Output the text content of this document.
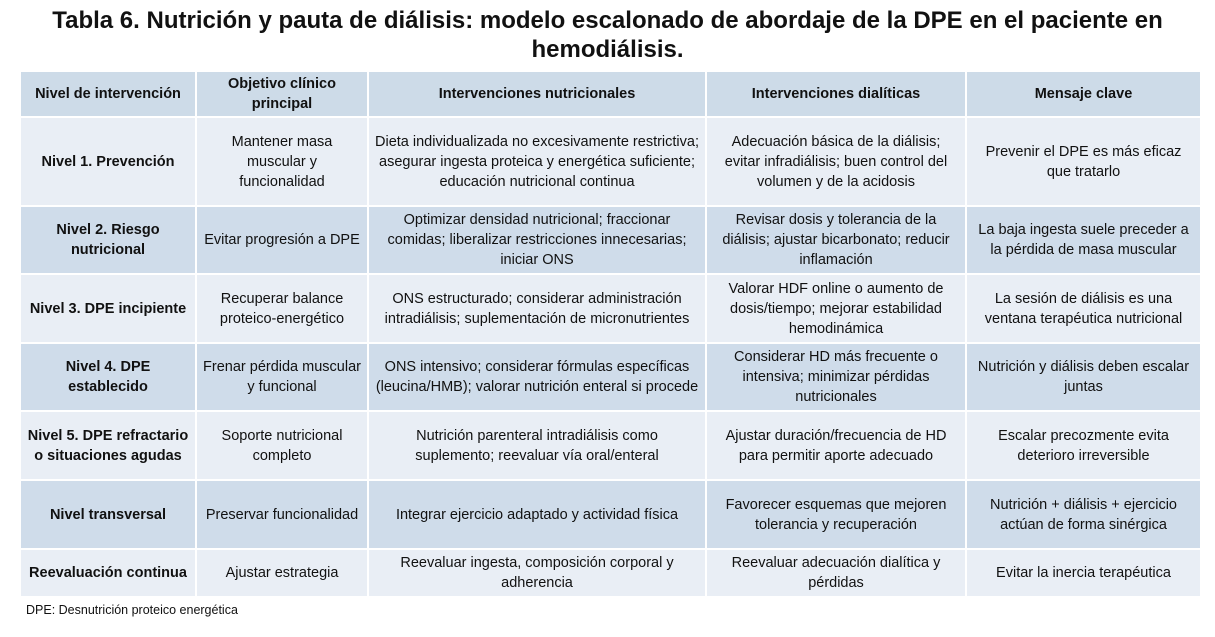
Tabla 6. Nutrición y pauta de diálisis: modelo escalonado de abordaje de la DPE en el paciente en hemodiálisis.
Nivel de intervención	Objetivo clínico principal	Intervenciones nutricionales	Intervenciones dialíticas	Mensaje clave
Nivel 1. Prevención	Mantener masa muscular y funcionalidad	Dieta individualizada no excesivamente restrictiva; asegurar ingesta proteica y energética suficiente; educación nutricional continua	Adecuación básica de la diálisis; evitar infradiálisis; buen control del volumen y de la acidosis	Prevenir el DPE es más eficaz que tratarlo
Nivel 2. Riesgo nutricional	Evitar progresión a DPE	Optimizar densidad nutricional; fraccionar comidas; liberalizar restricciones innecesarias; iniciar ONS	Revisar dosis y tolerancia de la diálisis; ajustar bicarbonato; reducir inflamación	La baja ingesta suele preceder a la pérdida de masa muscular
Nivel 3. DPE incipiente	Recuperar balance proteico-energético	ONS estructurado; considerar administración intradiálisis; suplementación de micronutrientes	Valorar HDF online o aumento de dosis/tiempo; mejorar estabilidad hemodinámica	La sesión de diálisis es una ventana terapéutica nutricional
Nivel 4. DPE establecido	Frenar pérdida muscular y funcional	ONS intensivo; considerar fórmulas específicas (leucina/HMB); valorar nutrición enteral si procede	Considerar HD más frecuente o intensiva; minimizar pérdidas nutricionales	Nutrición y diálisis deben escalar juntas
Nivel 5. DPE refractario o situaciones agudas	Soporte nutricional completo	Nutrición parenteral intradiálisis como suplemento; reevaluar vía oral/enteral	Ajustar duración/frecuencia de HD para permitir aporte adecuado	Escalar precozmente evita deterioro irreversible
Nivel transversal	Preservar funcionalidad	Integrar ejercicio adaptado y actividad física	Favorecer esquemas que mejoren tolerancia y recuperación	Nutrición + diálisis + ejercicio actúan de forma sinérgica
Reevaluación continua	Ajustar estrategia	Reevaluar ingesta, composición corporal y adherencia	Reevaluar adecuación dialítica y pérdidas	Evitar la inercia terapéutica
DPE: Desnutrición proteico energética
